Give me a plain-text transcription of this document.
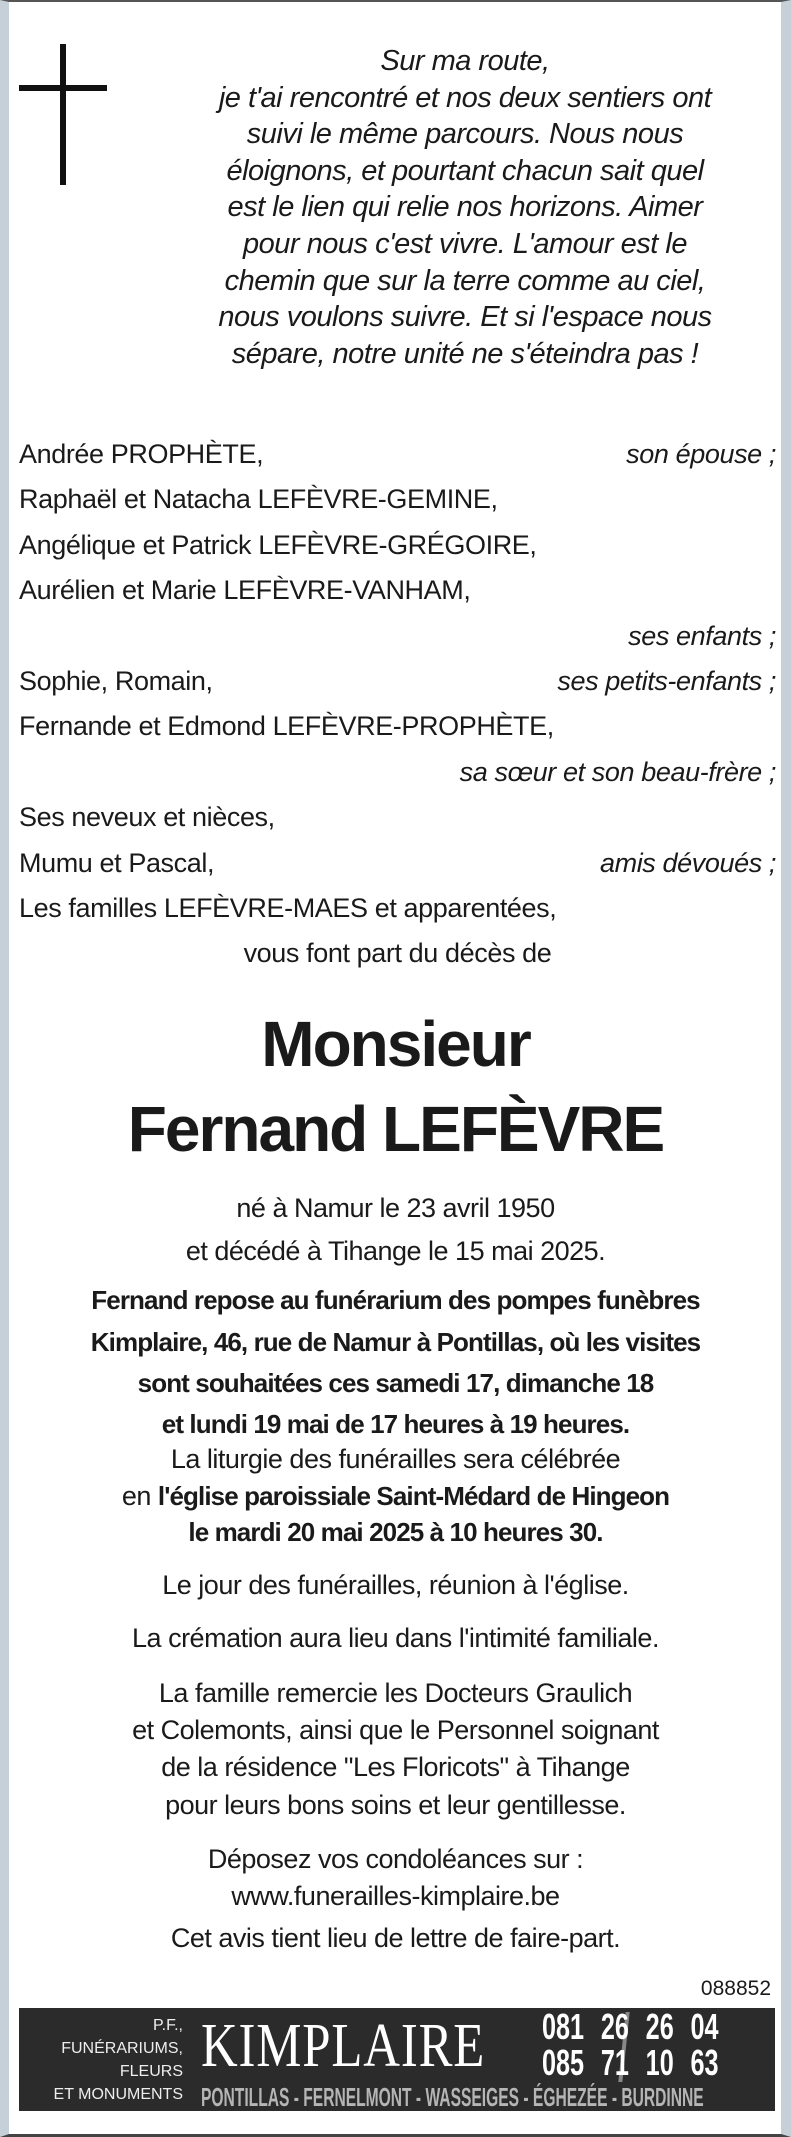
Sur ma route,
je t'ai rencontré et nos deux sentiers ont
suivi le même parcours. Nous nous
éloignons, et pourtant chacun sait quel
est le lien qui relie nos horizons. Aimer
pour nous c'est vivre. L'amour est le
chemin que sur la terre comme au ciel,
nous voulons suivre. Et si l'espace nous
sépare, notre unité ne s'éteindra pas !
Andrée PROPHÈTE,	son épouse ;
Raphaël et Natacha LEFÈVRE-GEMINE,
Angélique et Patrick LEFÈVRE-GRÉGOIRE,
Aurélien et Marie LEFÈVRE-VANHAM,
ses enfants ;
Sophie, Romain,	ses petits-enfants ;
Fernande et Edmond LEFÈVRE-PROPHÈTE,
sa sœur et son beau-frère ;
Ses neveux et nièces,
Mumu et Pascal,	amis dévoués ;
Les familles LEFÈVRE-MAES et apparentées,
vous font part du décès de
Monsieur
Fernand LEFÈVRE
né à Namur le 23 avril 1950
et décédé à Tihange le 15 mai 2025.
Fernand repose au funérarium des pompes funèbres
Kimplaire, 46, rue de Namur à Pontillas, où les visites
sont souhaitées ces samedi 17, dimanche 18
et lundi 19 mai de 17 heures à 19 heures.
La liturgie des funérailles sera célébrée
en l'église paroissiale Saint-Médard de Hingeon
le mardi 20 mai 2025 à 10 heures 30.
Le jour des funérailles, réunion à l'église.
La crémation aura lieu dans l'intimité familiale.
La famille remercie les Docteurs Graulich
et Colemonts, ainsi que le Personnel soignant
de la résidence "Les Floricots" à Tihange
pour leurs bons soins et leur gentillesse.
Déposez vos condoléances sur :
www.funerailles-kimplaire.be
Cet avis tient lieu de lettre de faire-part.
088852
P.F.,
FUNÉRARIUMS,
FLEURS
ET MONUMENTS
KIMPLAIRE 081 26 26 04
085 71 10 63
PONTILLAS - FERNELMONT - WASSEIGES - ÉGHEZÉE - BURDINNE
